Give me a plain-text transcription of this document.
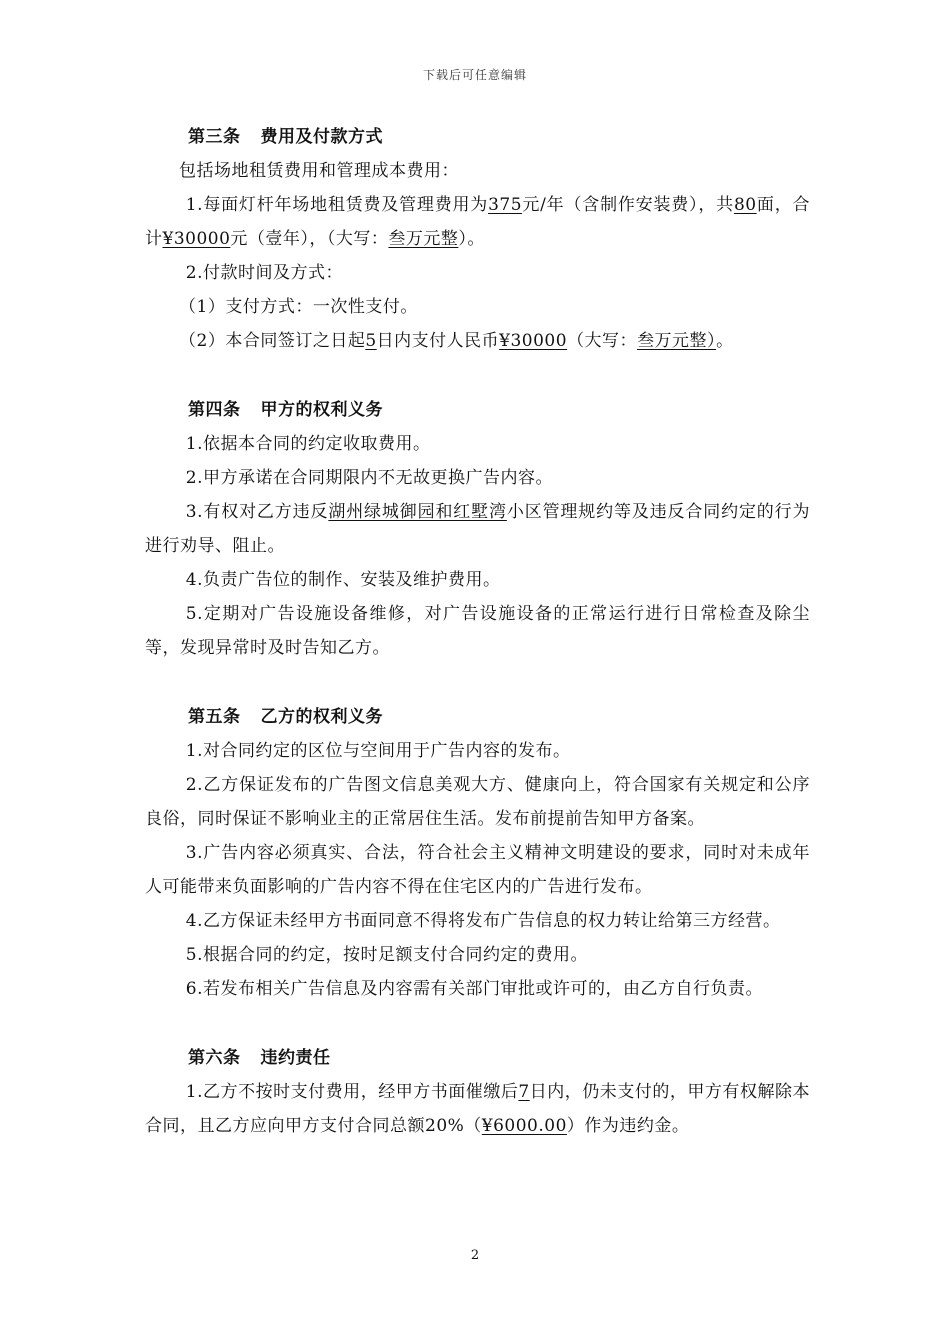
下载后可任意编辑
第三条 费用及付款方式

包括场地租赁费用和管理成本费用：

1.每面灯杆年场地租赁费及管理费用为375元/年（含制作安装费），共80面，合计¥30000元（壹年），（大写：叁万元整）。

2.付款时间及方式：

（1）支付方式：一次性支付。

（2）本合同签订之日起5日内支付人民币¥30000（大写：叁万元整）。

第四条 甲方的权利义务

1.依据本合同的约定收取费用。

2.甲方承诺在合同期限内不无故更换广告内容。

3.有权对乙方违反湖州绿城御园和红墅湾小区管理规约等及违反合同约定的行为进行劝导、阻止。

4.负责广告位的制作、安装及维护费用。

5.定期对广告设施设备维修，对广告设施设备的正常运行进行日常检查及除尘等，发现异常时及时告知乙方。

第五条 乙方的权利义务

1.对合同约定的区位与空间用于广告内容的发布。

2.乙方保证发布的广告图文信息美观大方、健康向上，符合国家有关规定和公序良俗，同时保证不影响业主的正常居住生活。发布前提前告知甲方备案。

3.广告内容必须真实、合法，符合社会主义精神文明建设的要求，同时对未成年人可能带来负面影响的广告内容不得在住宅区内的广告进行发布。

4.乙方保证未经甲方书面同意不得将发布广告信息的权力转让给第三方经营。

5.根据合同的约定，按时足额支付合同约定的费用。

6.若发布相关广告信息及内容需有关部门审批或许可的，由乙方自行负责。

第六条 违约责任

1.乙方不按时支付费用，经甲方书面催缴后7日内，仍未支付的，甲方有权解除本合同，且乙方应向甲方支付合同总额20%（¥6000.00）作为违约金。

2
